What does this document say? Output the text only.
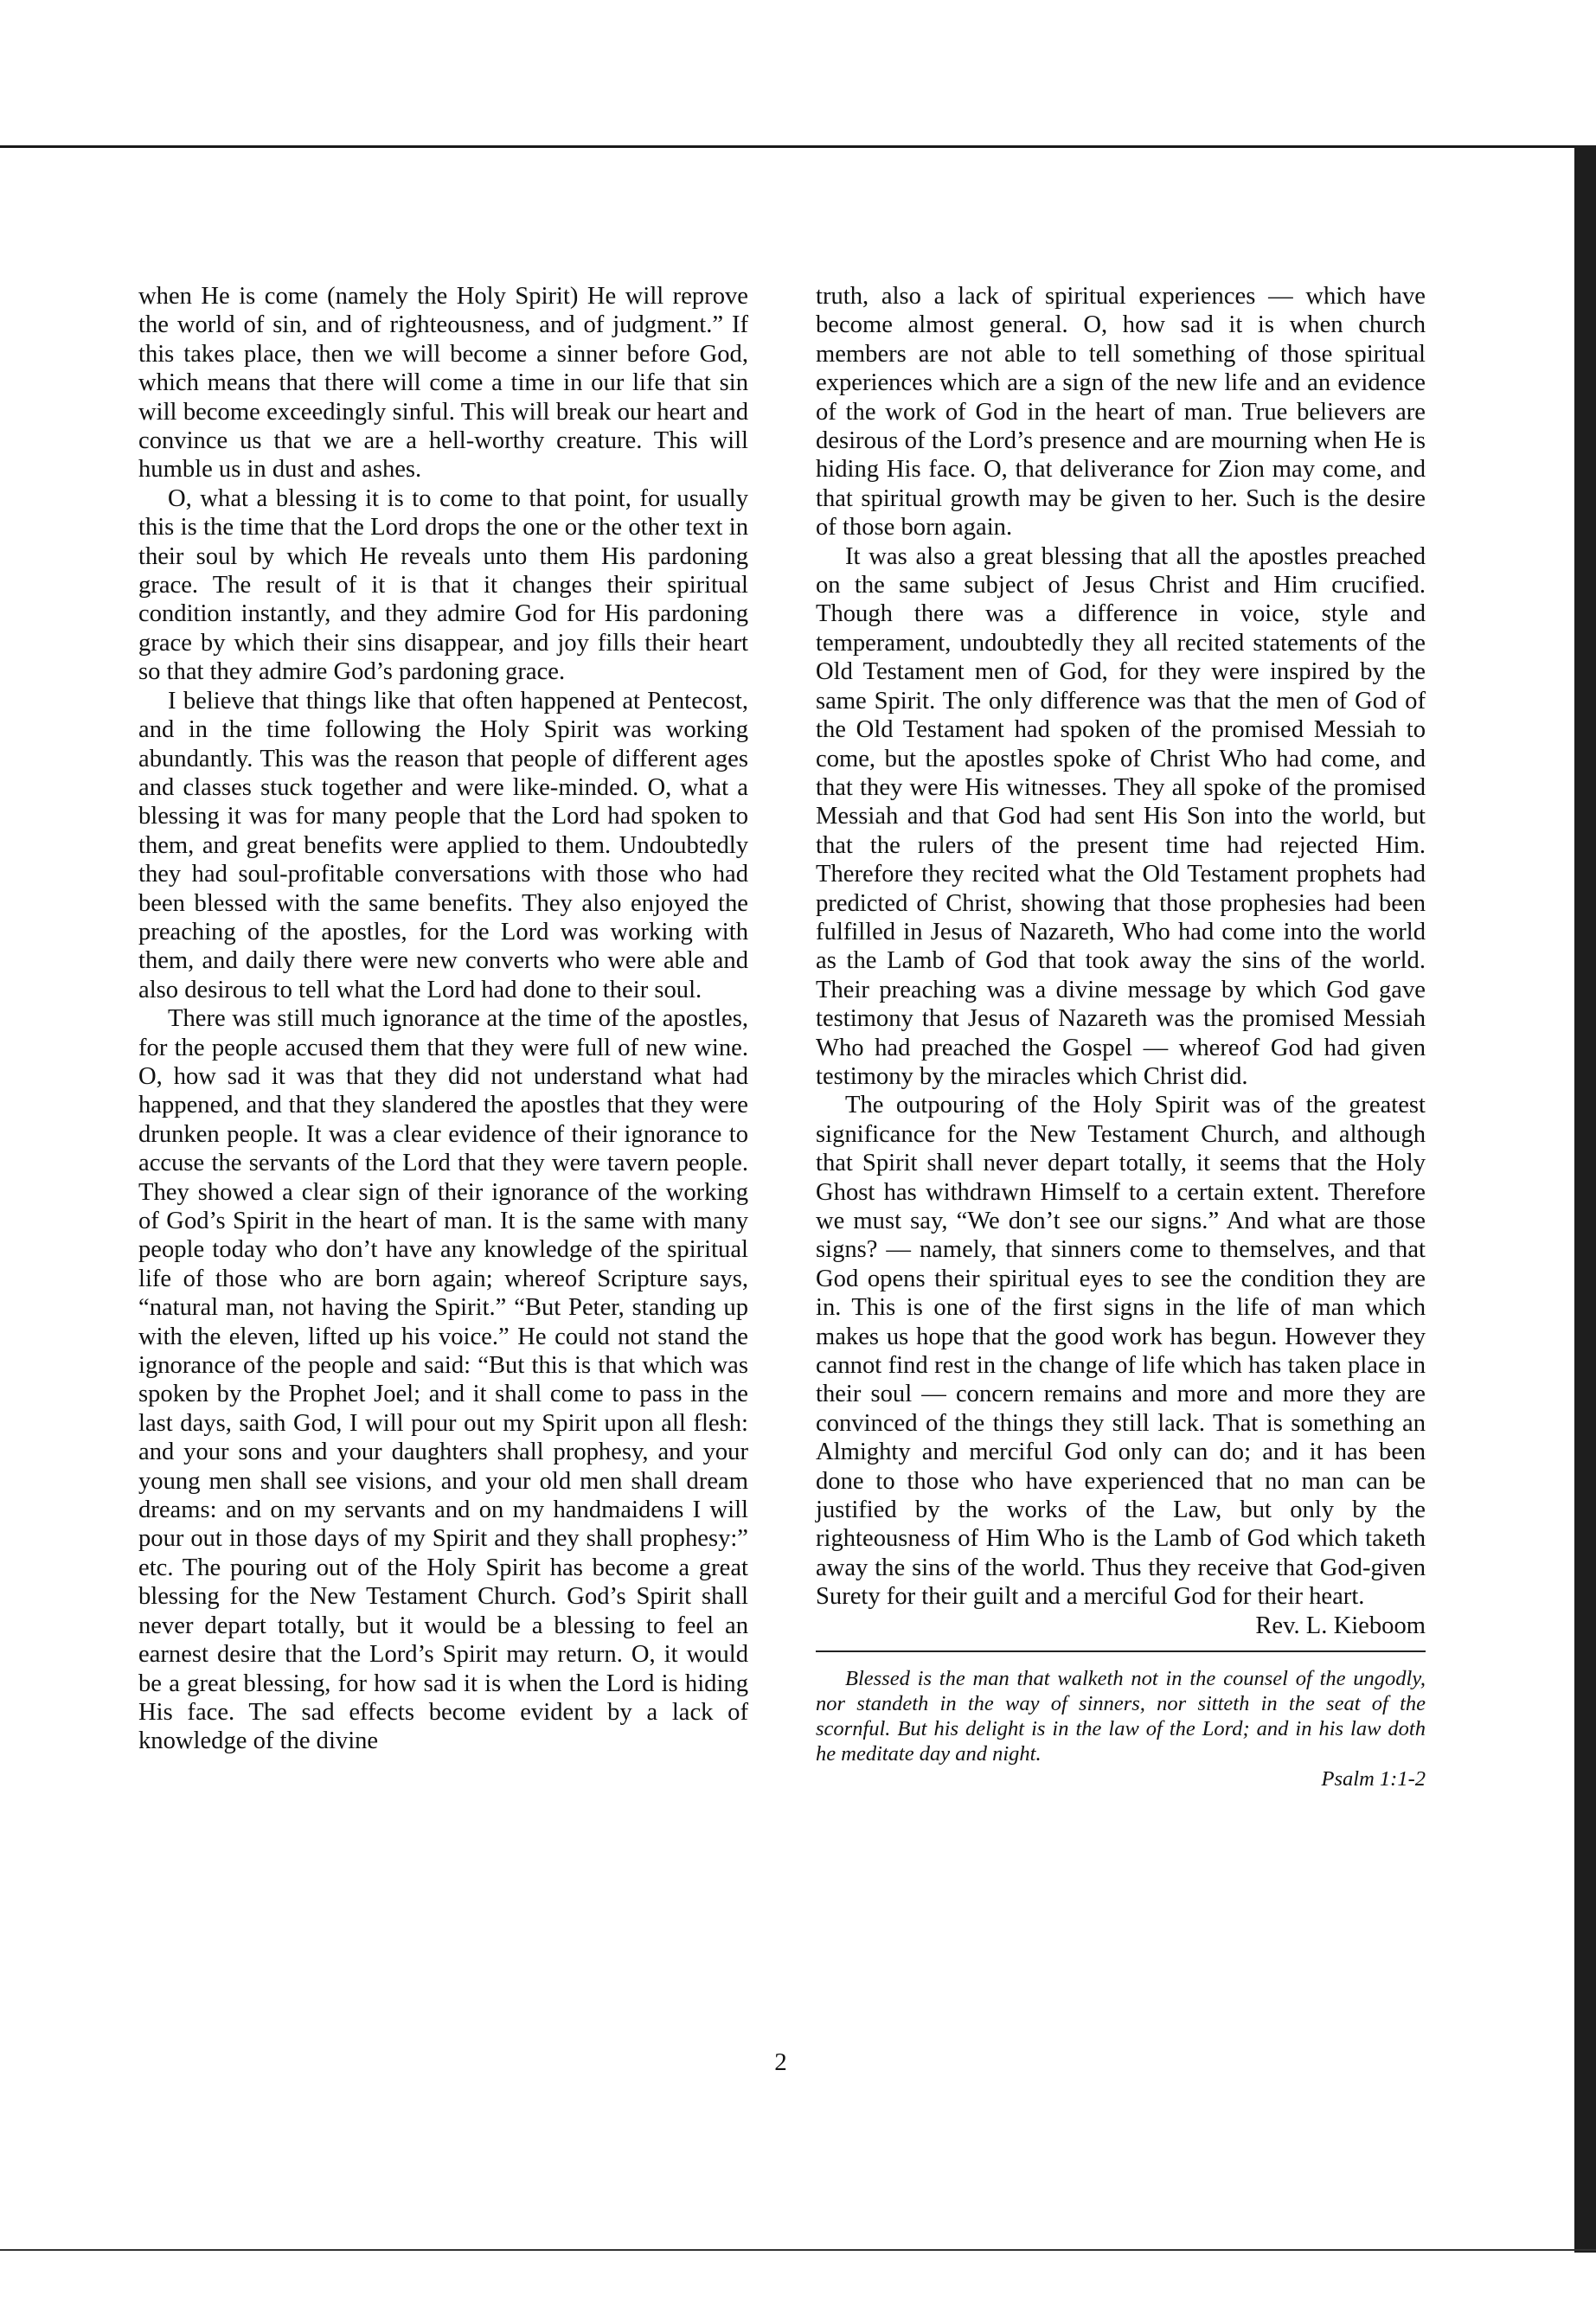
when He is come (namely the Holy Spirit) He will reprove the world of sin, and of righteousness, and of judgment.” If this takes place, then we will become a sinner before God, which means that there will come a time in our life that sin will become exceedingly sinful. This will break our heart and convince us that we are a hell-worthy creature. This will humble us in dust and ashes.

O, what a blessing it is to come to that point, for usually this is the time that the Lord drops the one or the other text in their soul by which He reveals unto them His pardoning grace. The result of it is that it changes their spiritual condition instantly, and they admire God for His pardoning grace by which their sins disappear, and joy fills their heart so that they admire God’s pardoning grace.

I believe that things like that often happened at Pentecost, and in the time following the Holy Spirit was working abundantly. This was the reason that people of different ages and classes stuck together and were like-minded. O, what a blessing it was for many people that the Lord had spoken to them, and great benefits were applied to them. Undoubtedly they had soul-profitable conversations with those who had been blessed with the same benefits. They also enjoyed the preaching of the apostles, for the Lord was working with them, and daily there were new converts who were able and also desirous to tell what the Lord had done to their soul.

There was still much ignorance at the time of the apostles, for the people accused them that they were full of new wine. O, how sad it was that they did not understand what had happened, and that they slandered the apostles that they were drunken people. It was a clear evidence of their ignorance to accuse the servants of the Lord that they were tavern people. They showed a clear sign of their ignorance of the working of God’s Spirit in the heart of man. It is the same with many people today who don’t have any knowledge of the spiritual life of those who are born again; whereof Scripture says, “natural man, not having the Spirit.” “But Peter, standing up with the eleven, lifted up his voice.” He could not stand the ignorance of the people and said: “But this is that which was spoken by the Prophet Joel; and it shall come to pass in the last days, saith God, I will pour out my Spirit upon all flesh: and your sons and your daughters shall prophesy, and your young men shall see visions, and your old men shall dream dreams: and on my servants and on my handmaidens I will pour out in those days of my Spirit and they shall prophesy:” etc. The pouring out of the Holy Spirit has become a great blessing for the New Testament Church. God’s Spirit shall never depart totally, but it would be a blessing to feel an earnest desire that the Lord’s Spirit may return. O, it would be a great blessing, for how sad it is when the Lord is hiding His face. The sad effects become evident by a lack of knowledge of the divine

truth, also a lack of spiritual experiences — which have become almost general. O, how sad it is when church members are not able to tell something of those spiritual experiences which are a sign of the new life and an evidence of the work of God in the heart of man. True believers are desirous of the Lord’s presence and are mourning when He is hiding His face. O, that deliverance for Zion may come, and that spiritual growth may be given to her. Such is the desire of those born again.

It was also a great blessing that all the apostles preached on the same subject of Jesus Christ and Him crucified. Though there was a difference in voice, style and temperament, undoubtedly they all recited statements of the Old Testament men of God, for they were inspired by the same Spirit. The only difference was that the men of God of the Old Testament had spoken of the promised Messiah to come, but the apostles spoke of Christ Who had come, and that they were His witnesses. They all spoke of the promised Messiah and that God had sent His Son into the world, but that the rulers of the present time had rejected Him. Therefore they recited what the Old Testament prophets had predicted of Christ, showing that those prophesies had been fulfilled in Jesus of Nazareth, Who had come into the world as the Lamb of God that took away the sins of the world. Their preaching was a divine message by which God gave testimony that Jesus of Nazareth was the promised Messiah Who had preached the Gospel — whereof God had given testimony by the miracles which Christ did.

The outpouring of the Holy Spirit was of the greatest significance for the New Testament Church, and although that Spirit shall never depart totally, it seems that the Holy Ghost has withdrawn Himself to a certain extent. Therefore we must say, “We don’t see our signs.” And what are those signs? — namely, that sinners come to themselves, and that God opens their spiritual eyes to see the condition they are in. This is one of the first signs in the life of man which makes us hope that the good work has begun. However they cannot find rest in the change of life which has taken place in their soul — concern remains and more and more they are convinced of the things they still lack. That is something an Almighty and merciful God only can do; and it has been done to those who have experienced that no man can be justified by the works of the Law, but only by the righteousness of Him Who is the Lamb of God which taketh away the sins of the world. Thus they receive that God-given Surety for their guilt and a merciful God for their heart.

Rev. L. Kieboom

Blessed is the man that walketh not in the counsel of the ungodly, nor standeth in the way of sinners, nor sitteth in the seat of the scornful. But his delight is in the law of the Lord; and in his law doth he meditate day and night.

Psalm 1:1-2

2
